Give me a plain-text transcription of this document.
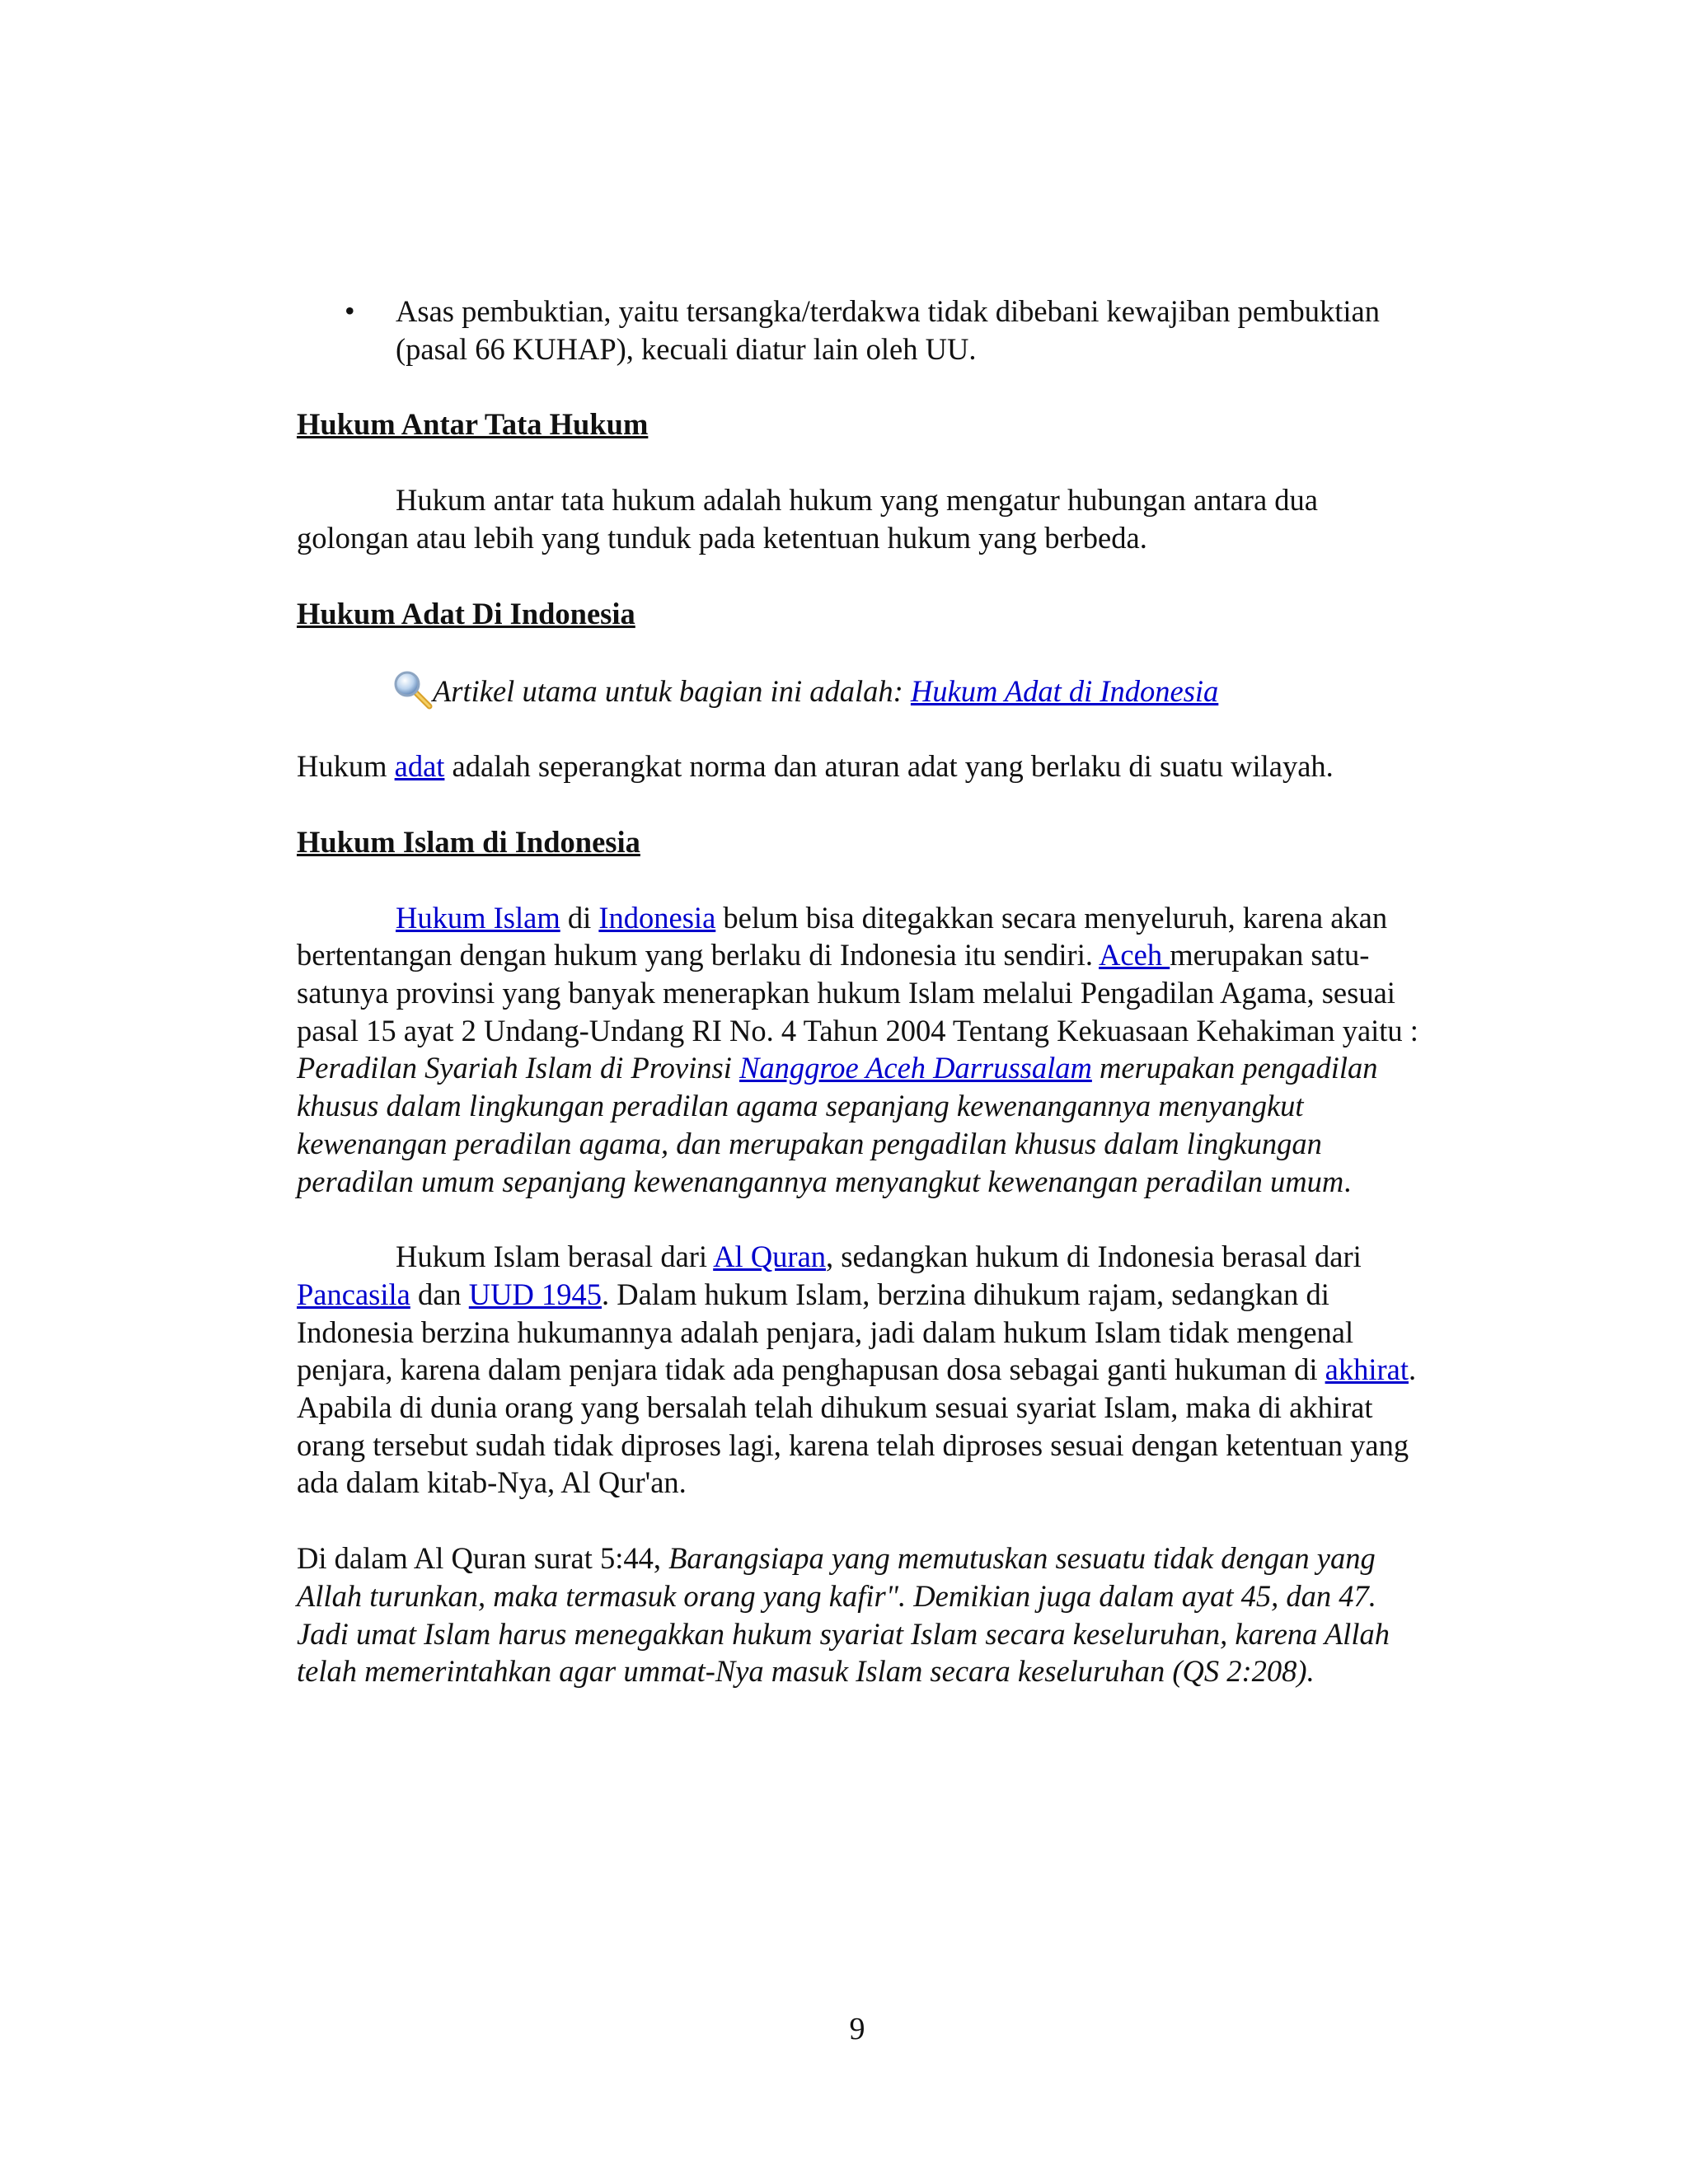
• Asas pembuktian, yaitu tersangka/terdakwa tidak dibebani kewajiban pembuktian (pasal 66 KUHAP), kecuali diatur lain oleh UU.

Hukum Antar Tata Hukum

Hukum antar tata hukum adalah hukum yang mengatur hubungan antara dua golongan atau lebih yang tunduk pada ketentuan hukum yang berbeda.

Hukum Adat Di Indonesia

Artikel utama untuk bagian ini adalah: Hukum Adat di Indonesia

Hukum adat adalah seperangkat norma dan aturan adat yang berlaku di suatu wilayah.

Hukum Islam di Indonesia

Hukum Islam di Indonesia belum bisa ditegakkan secara menyeluruh, karena akan bertentangan dengan hukum yang berlaku di Indonesia itu sendiri. Aceh merupakan satu-satunya provinsi yang banyak menerapkan hukum Islam melalui Pengadilan Agama, sesuai pasal 15 ayat 2 Undang-Undang RI No. 4 Tahun 2004 Tentang Kekuasaan Kehakiman yaitu : Peradilan Syariah Islam di Provinsi Nanggroe Aceh Darrussalam merupakan pengadilan khusus dalam lingkungan peradilan agama sepanjang kewenangannya menyangkut kewenangan peradilan agama, dan merupakan pengadilan khusus dalam lingkungan peradilan umum sepanjang kewenangannya menyangkut kewenangan peradilan umum.

Hukum Islam berasal dari Al Quran, sedangkan hukum di Indonesia berasal dari Pancasila dan UUD 1945. Dalam hukum Islam, berzina dihukum rajam, sedangkan di Indonesia berzina hukumannya adalah penjara, jadi dalam hukum Islam tidak mengenal penjara, karena dalam penjara tidak ada penghapusan dosa sebagai ganti hukuman di akhirat. Apabila di dunia orang yang bersalah telah dihukum sesuai syariat Islam, maka di akhirat orang tersebut sudah tidak diproses lagi, karena telah diproses sesuai dengan ketentuan yang ada dalam kitab-Nya, Al Qur'an.

Di dalam Al Quran surat 5:44, Barangsiapa yang memutuskan sesuatu tidak dengan yang Allah turunkan, maka termasuk orang yang kafir". Demikian juga dalam ayat 45, dan 47. Jadi umat Islam harus menegakkan hukum syariat Islam secara keseluruhan, karena Allah telah memerintahkan agar ummat-Nya masuk Islam secara keseluruhan (QS 2:208).

9
